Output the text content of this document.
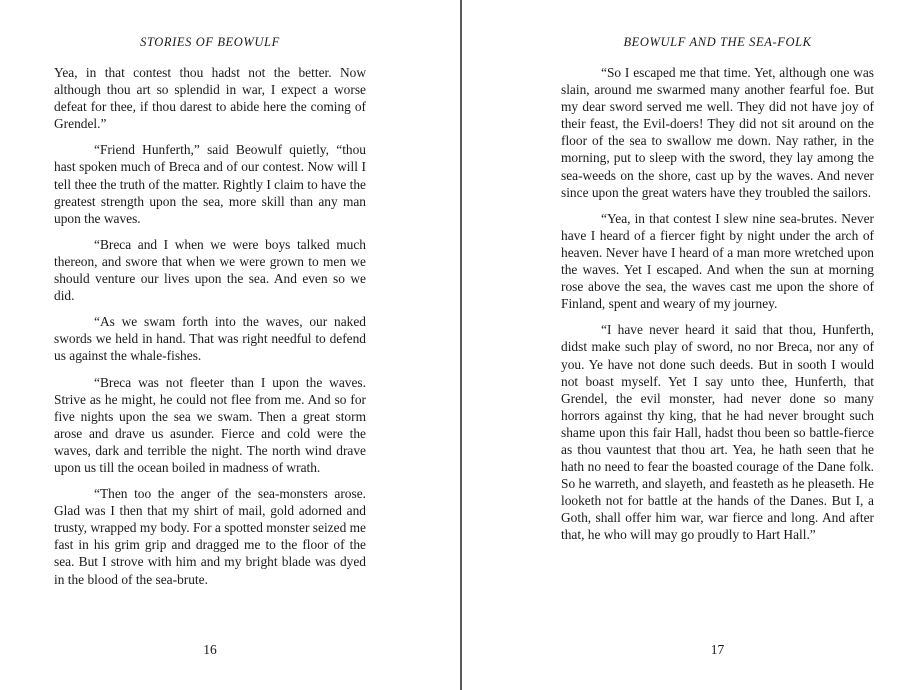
STORIES OF BEOWULF

Yea, in that contest thou hadst not the better. Now although thou art so splendid in war, I expect a worse defeat for thee, if thou darest to abide here the coming of Grendel.”

“Friend Hunferth,” said Beowulf quietly, “thou hast spoken much of Breca and of our contest. Now will I tell thee the truth of the matter. Rightly I claim to have the greatest strength upon the sea, more skill than any man upon the waves.

“Breca and I when we were boys talked much thereon, and swore that when we were grown to men we should venture our lives upon the sea. And even so we did.

“As we swam forth into the waves, our naked swords we held in hand. That was right needful to defend us against the whale-fishes.

“Breca was not fleeter than I upon the waves. Strive as he might, he could not flee from me. And so for five nights upon the sea we swam. Then a great storm arose and drave us asunder. Fierce and cold were the waves, dark and terrible the night. The north wind drave upon us till the ocean boiled in madness of wrath.

“Then too the anger of the sea-monsters arose. Glad was I then that my shirt of mail, gold adorned and trusty, wrapped my body. For a spotted monster seized me fast in his grim grip and dragged me to the floor of the sea. But I strove with him and my bright blade was dyed in the blood of the sea-brute.

16
BEOWULF AND THE SEA-FOLK

“So I escaped me that time. Yet, although one was slain, around me swarmed many another fearful foe. But my dear sword served me well. They did not have joy of their feast, the Evil-doers! They did not sit around on the floor of the sea to swallow me down. Nay rather, in the morning, put to sleep with the sword, they lay among the sea-weeds on the shore, cast up by the waves. And never since upon the great waters have they troubled the sailors.

“Yea, in that contest I slew nine sea-brutes. Never have I heard of a fiercer fight by night under the arch of heaven. Never have I heard of a man more wretched upon the waves. Yet I escaped. And when the sun at morning rose above the sea, the waves cast me upon the shore of Finland, spent and weary of my journey.

“I have never heard it said that thou, Hunferth, didst make such play of sword, no nor Breca, nor any of you. Ye have not done such deeds. But in sooth I would not boast myself. Yet I say unto thee, Hunferth, that Grendel, the evil monster, had never done so many horrors against thy king, that he had never brought such shame upon this fair Hall, hadst thou been so battle-fierce as thou vauntest that thou art. Yea, he hath seen that he hath no need to fear the boasted courage of the Dane folk. So he warreth, and slayeth, and feasteth as he pleaseth. He looketh not for battle at the hands of the Danes. But I, a Goth, shall offer him war, war fierce and long. And after that, he who will may go proudly to Hart Hall.”

17
